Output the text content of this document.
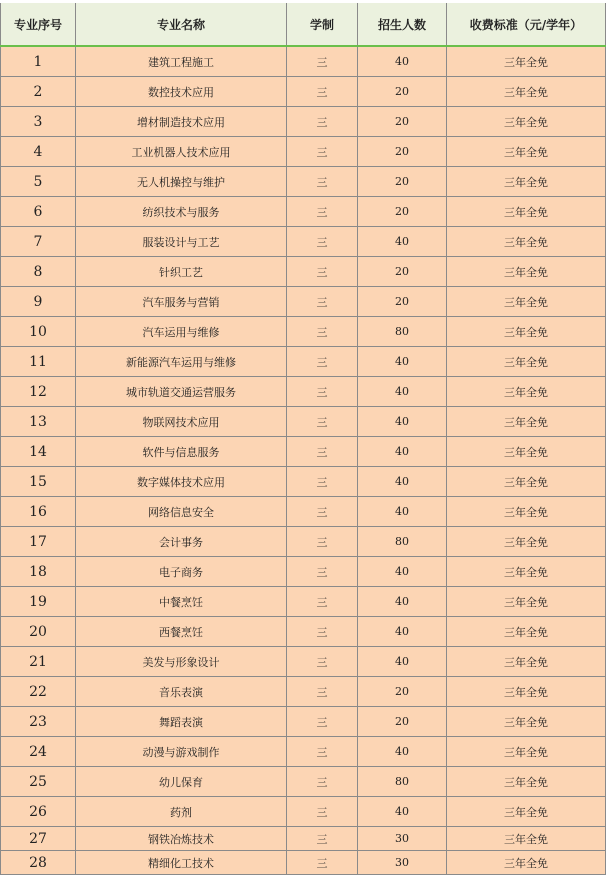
专业序号	专业名称	学制	招生人数	收费标准（元/学年）
1	建筑工程施工	三	40	三年全免
2	数控技术应用	三	20	三年全免
3	增材制造技术应用	三	20	三年全免
4	工业机器人技术应用	三	20	三年全免
5	无人机操控与维护	三	20	三年全免
6	纺织技术与服务	三	20	三年全免
7	服装设计与工艺	三	40	三年全免
8	针织工艺	三	20	三年全免
9	汽车服务与营销	三	20	三年全免
10	汽车运用与维修	三	80	三年全免
11	新能源汽车运用与维修	三	40	三年全免
12	城市轨道交通运营服务	三	40	三年全免
13	物联网技术应用	三	40	三年全免
14	软件与信息服务	三	40	三年全免
15	数字媒体技术应用	三	40	三年全免
16	网络信息安全	三	40	三年全免
17	会计事务	三	80	三年全免
18	电子商务	三	40	三年全免
19	中餐烹饪	三	40	三年全免
20	西餐烹饪	三	40	三年全免
21	美发与形象设计	三	40	三年全免
22	音乐表演	三	20	三年全免
23	舞蹈表演	三	20	三年全免
24	动漫与游戏制作	三	40	三年全免
25	幼儿保育	三	80	三年全免
26	药剂	三	40	三年全免
27	钢铁冶炼技术	三	30	三年全免
28	精细化工技术	三	30	三年全免
